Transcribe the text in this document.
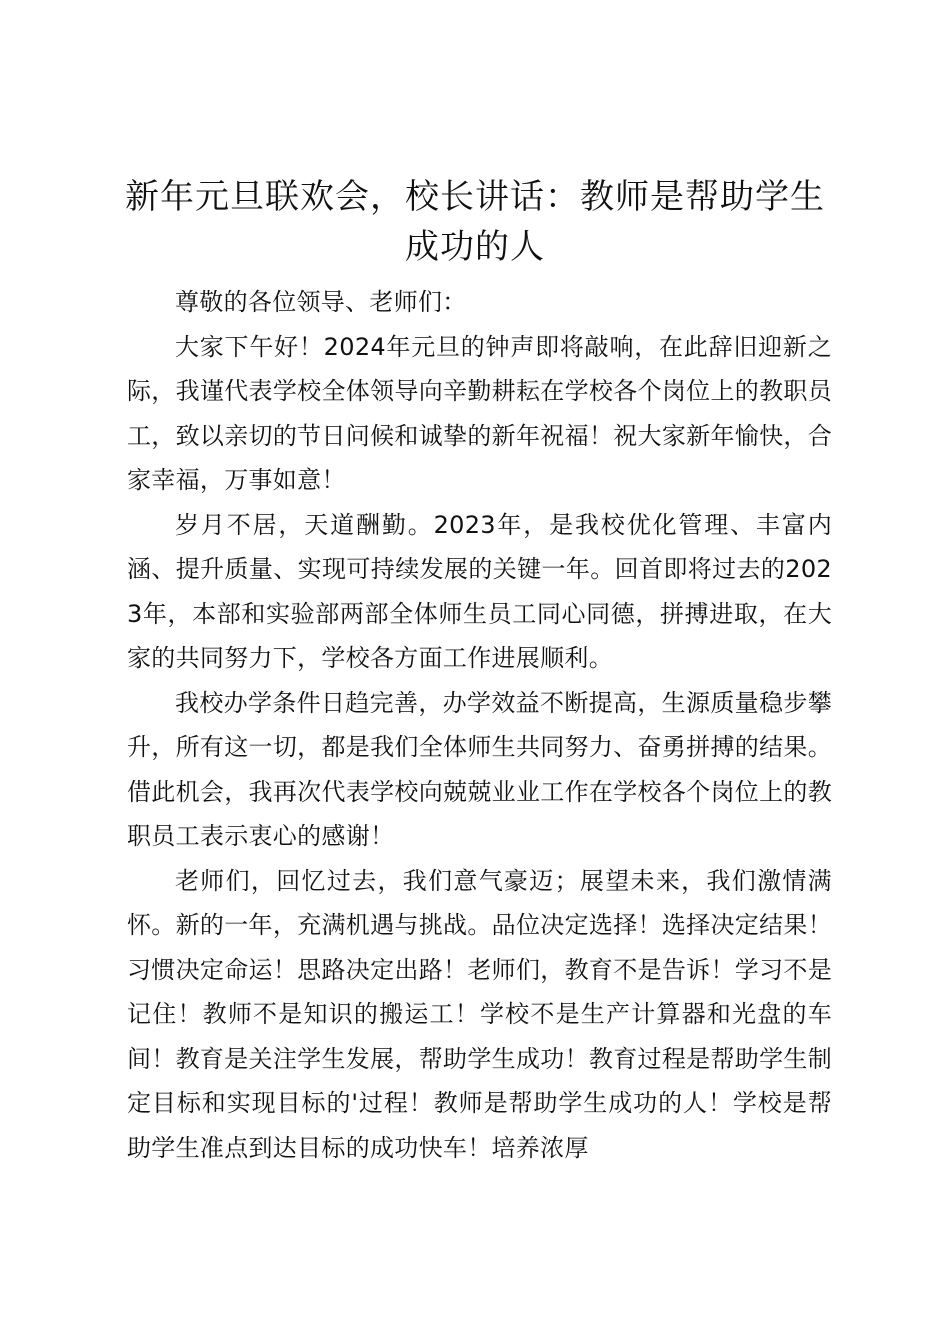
新年元旦联欢会，校长讲话：教师是帮助学生成功的人

尊敬的各位领导、老师们：

大家下午好！2024年元旦的钟声即将敲响，在此辞旧迎新之际，我谨代表学校全体领导向辛勤耕耘在学校各个岗位上的教职员工，致以亲切的节日问候和诚挚的新年祝福！祝大家新年愉快，合家幸福，万事如意！

岁月不居，天道酬勤。2023年，是我校优化管理、丰富内涵、提升质量、实现可持续发展的关键一年。回首即将过去的2023年，本部和实验部两部全体师生员工同心同德，拼搏进取，在大家的共同努力下，学校各方面工作进展顺利。

我校办学条件日趋完善，办学效益不断提高，生源质量稳步攀升，所有这一切，都是我们全体师生共同努力、奋勇拼搏的结果。借此机会，我再次代表学校向兢兢业业工作在学校各个岗位上的教职员工表示衷心的感谢！

老师们，回忆过去，我们意气豪迈；展望未来，我们激情满怀。新的一年，充满机遇与挑战。品位决定选择！选择决定结果！习惯决定命运！思路决定出路！老师们，教育不是告诉！学习不是记住！教师不是知识的搬运工！学校不是生产计算器和光盘的车间！教育是关注学生发展，帮助学生成功！教育过程是帮助学生制定目标和实现目标的'过程！教师是帮助学生成功的人！学校是帮助学生准点到达目标的成功快车！培养浓厚
